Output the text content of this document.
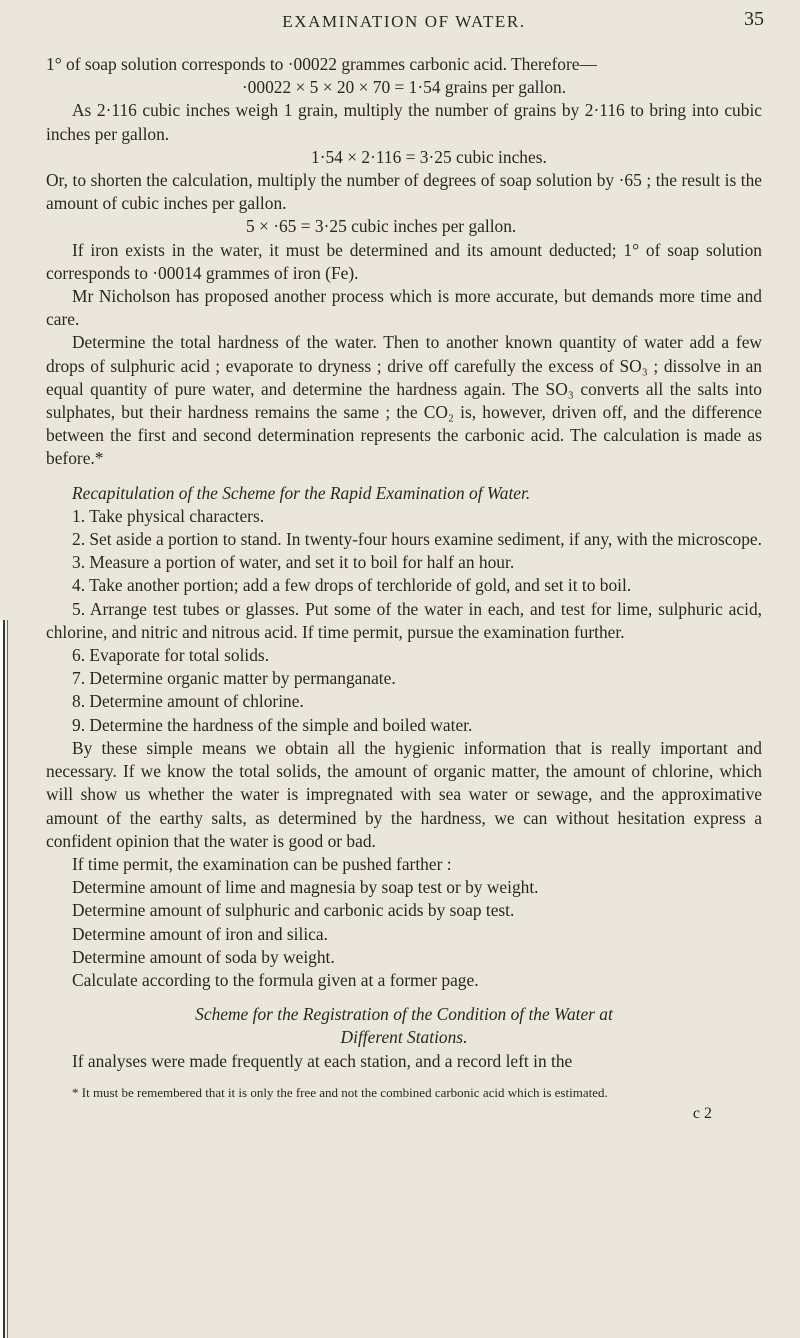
EXAMINATION OF WATER.	35

1° of soap solution corresponds to ·00022 grammes carbonic acid. Therefore—

·00022 × 5 × 20 × 70 = 1·54 grains per gallon.

As 2·116 cubic inches weigh 1 grain, multiply the number of grains by 2·116 to bring into cubic inches per gallon.

1·54 × 2·116 = 3·25 cubic inches.

Or, to shorten the calculation, multiply the number of degrees of soap solution by ·65 ; the result is the amount of cubic inches per gallon.

5 × ·65 = 3·25 cubic inches per gallon.

If iron exists in the water, it must be determined and its amount deducted; 1° of soap solution corresponds to ·00014 grammes of iron (Fe).

Mr Nicholson has proposed another process which is more accurate, but demands more time and care.

Determine the total hardness of the water. Then to another known quantity of water add a few drops of sulphuric acid ; evaporate to dryness ; drive off carefully the excess of SO₃ ; dissolve in an equal quantity of pure water, and determine the hardness again. The SO₃ converts all the salts into sulphates, but their hardness remains the same ; the CO₂ is, however, driven off, and the difference between the first and second determination represents the carbonic acid. The calculation is made as before.*

Recapitulation of the Scheme for the Rapid Examination of Water.

1. Take physical characters.

2. Set aside a portion to stand. In twenty-four hours examine sediment, if any, with the microscope.

3. Measure a portion of water, and set it to boil for half an hour.

4. Take another portion; add a few drops of terchloride of gold, and set it to boil.

5. Arrange test tubes or glasses. Put some of the water in each, and test for lime, sulphuric acid, chlorine, and nitric and nitrous acid. If time permit, pursue the examination further.

6. Evaporate for total solids.

7. Determine organic matter by permanganate.

8. Determine amount of chlorine.

9. Determine the hardness of the simple and boiled water.

By these simple means we obtain all the hygienic information that is really important and necessary. If we know the total solids, the amount of organic matter, the amount of chlorine, which will show us whether the water is impregnated with sea water or sewage, and the approximative amount of the earthy salts, as determined by the hardness, we can without hesitation express a confident opinion that the water is good or bad.

If time permit, the examination can be pushed farther :

Determine amount of lime and magnesia by soap test or by weight.

Determine amount of sulphuric and carbonic acids by soap test.

Determine amount of iron and silica.

Determine amount of soda by weight.

Calculate according to the formula given at a former page.

Scheme for the Registration of the Condition of the Water at

Different Stations.

If analyses were made frequently at each station, and a record left in the

* It must be remembered that it is only the free and not the combined carbonic acid which is estimated.

c 2
